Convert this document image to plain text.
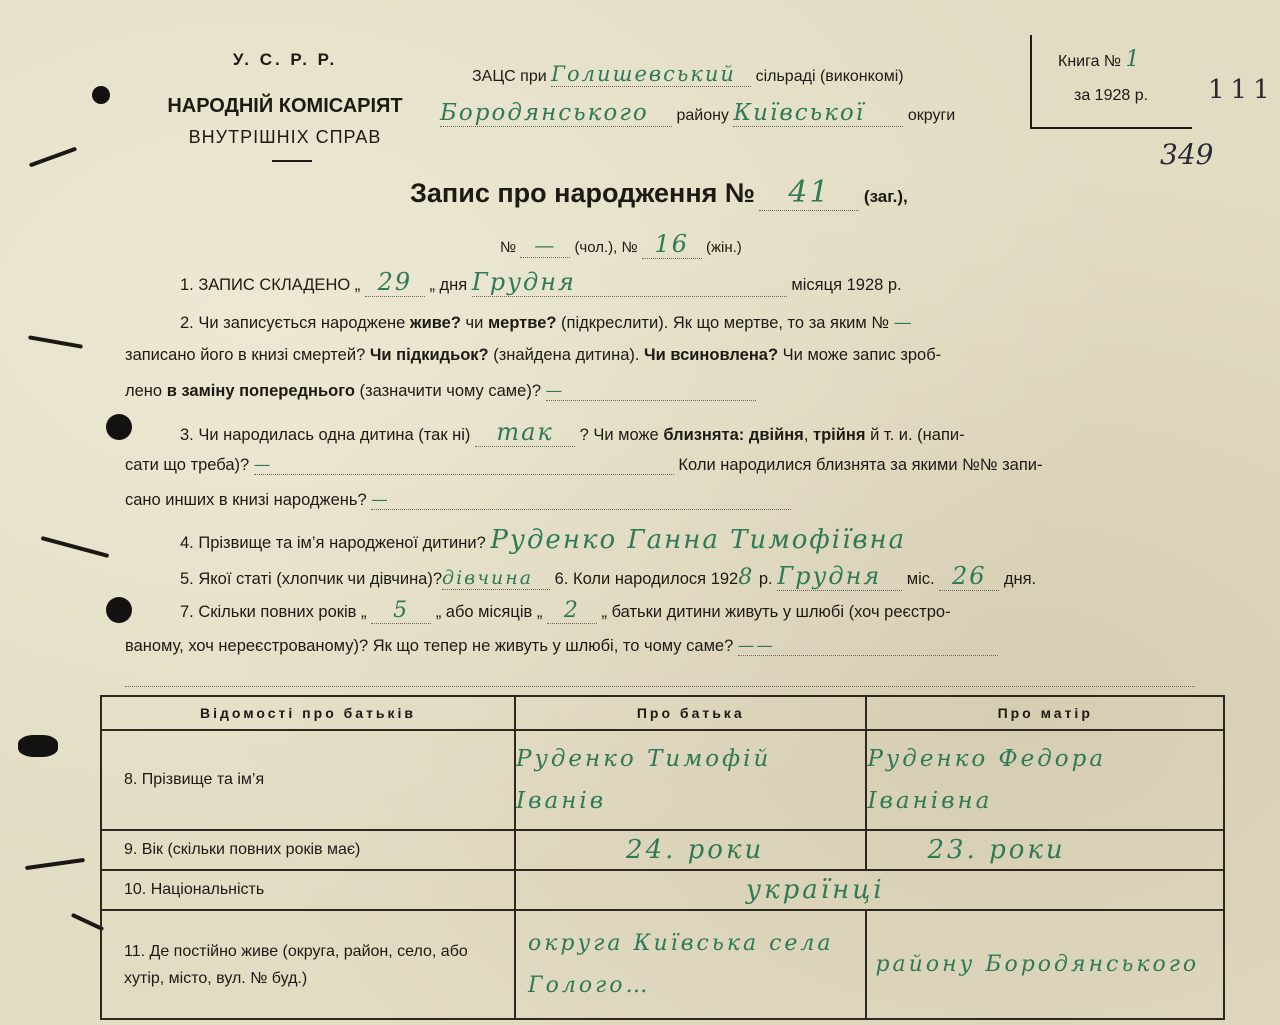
У. С. Р. Р.
НАРОДНІЙ КОМІСАРІЯТ
ВНУТРІШНІХ СПРАВ
ЗАЦС при Голишевський сільраді (виконкомі)
Бородянського району Київської	округи
Книга № 1
за 1928 р. 111
349
Запис про народження № 41 (заг.),
№ — (чол.), № 16 (жін.)
1. ЗАПИС СКЛАДЕНО „ 29 „ дня Грудня	місяця 1928 р.
2. Чи записується народжене живе? чи мертве? (підкреслити). Як що мертве, то за яким № —
записано його в книзі смертей? Чи підкидьок? (знайдена дитина). Чи всиновлена? Чи може запис зроб-
лено в заміну попереднього (зазначити чому саме)? —
3. Чи народилась одна дитина (так ні) так ? Чи може близнята: двійня, трійня й т. и. (напи-
сати що треба)? —	Коли народилися близнята за якими №№ запи-
сано инших в книзі народжень? —
4. Прізвище та ім’я народженої дитини? Руденко Ганна Тимофіївна
5. Якої статі (хлопчик чи дівчина)?дівчина 6. Коли народилося 1928 р. Грудня міс. 26 дня.
7. Скільки повних років „ 5 „ або місяців „ 2 „ батьки дитини живуть у шлюбі (хоч реєстро-
ваному, хоч нереєстрованому)? Як що тепер не живуть у шлюбі, то чому саме? ——
Відомості про батьків	Про батька	Про матір
8. Прізвище та ім’я	Руденко Тимофій Іванів	Руденко Федора Іванівна
9. Вік (скільки повних років має)	24. роки	23. роки
10. Національність	українці	
11. Де постійно живе (округа, район, село, або хутір, місто, вул. № буд.)	округа Київська села Голого…	району Бородянського
